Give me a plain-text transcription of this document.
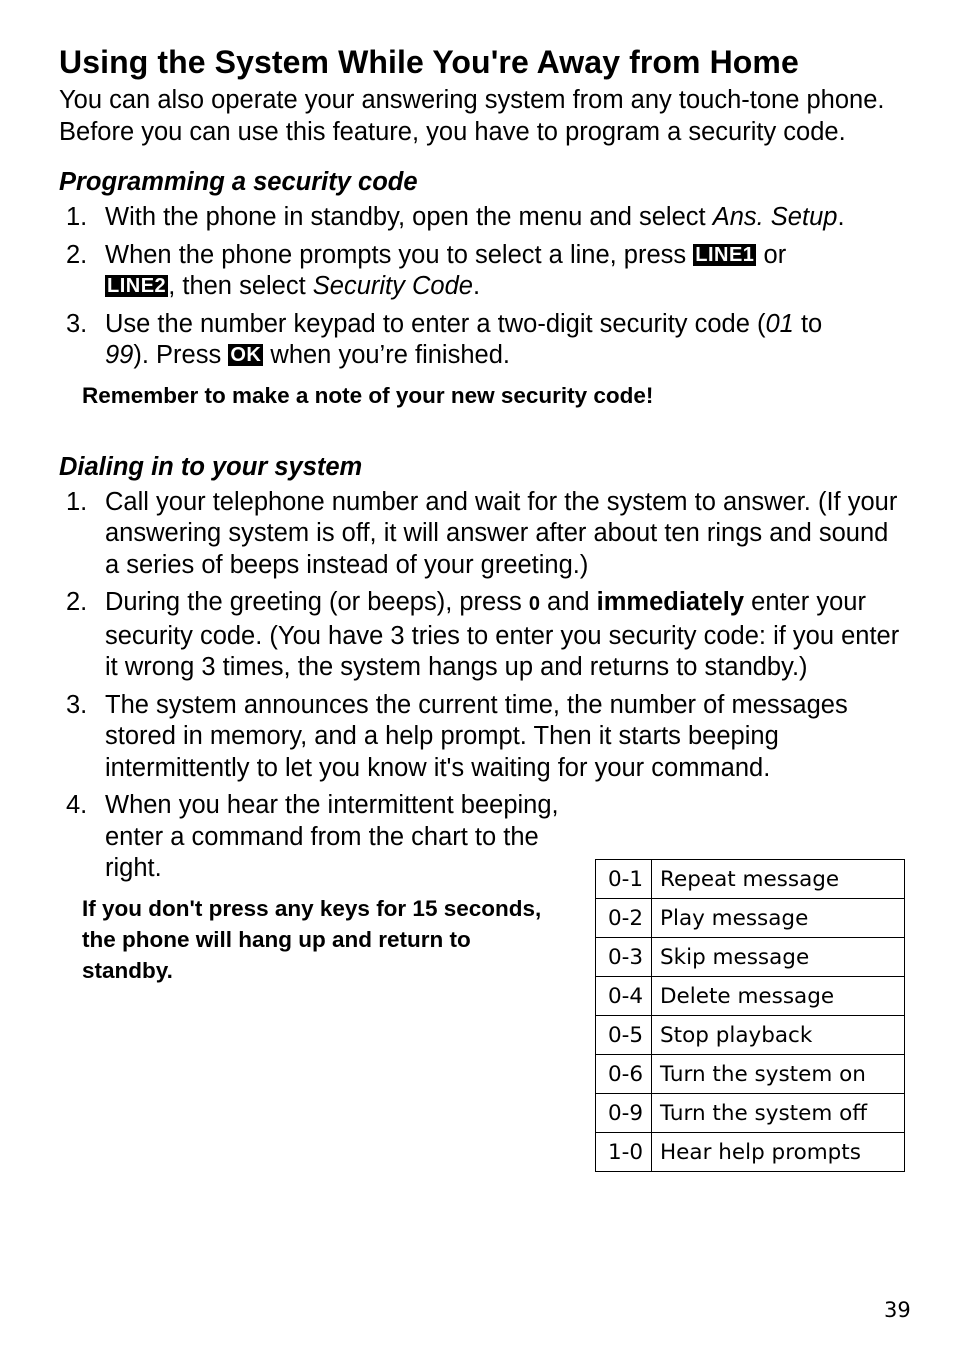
Using the System While You're Away from Home

You can also operate your answering system from any touch-tone phone. Before you can use this feature, you have to program a security code.

Programming a security code
1. With the phone in standby, open the menu and select Ans. Setup.
2. When the phone prompts you to select a line, press LINE1 or
LINE2, then select Security Code.
3. Use the number keypad to enter a two-digit security code (01 to
99). Press OK when you’re finished.

Remember to make a note of your new security code!

Dialing in to your system
1. Call your telephone number and wait for the system to answer. (If your answering system is off, it will answer after about ten rings and sound a series of beeps instead of your greeting.)
2. During the greeting (or beeps), press 0 and immediately enter your security code. (You have 3 tries to enter you security code: if you enter it wrong 3 times, the system hangs up and returns to standby.)
3. The system announces the current time, the number of messages stored in memory, and a help prompt. Then it starts beeping intermittently to let you know it's waiting for your command.
4. When you hear the intermittent beeping, enter a command from the chart to the right.

If you don't press any keys for 15 seconds, the phone will hang up and return to standby.

0-1	Repeat message
0-2	Play message
0-3	Skip message
0-4	Delete message
0-5	Stop playback
0-6	Turn the system on
0-9	Turn the system off
1-0	Hear help prompts
39
